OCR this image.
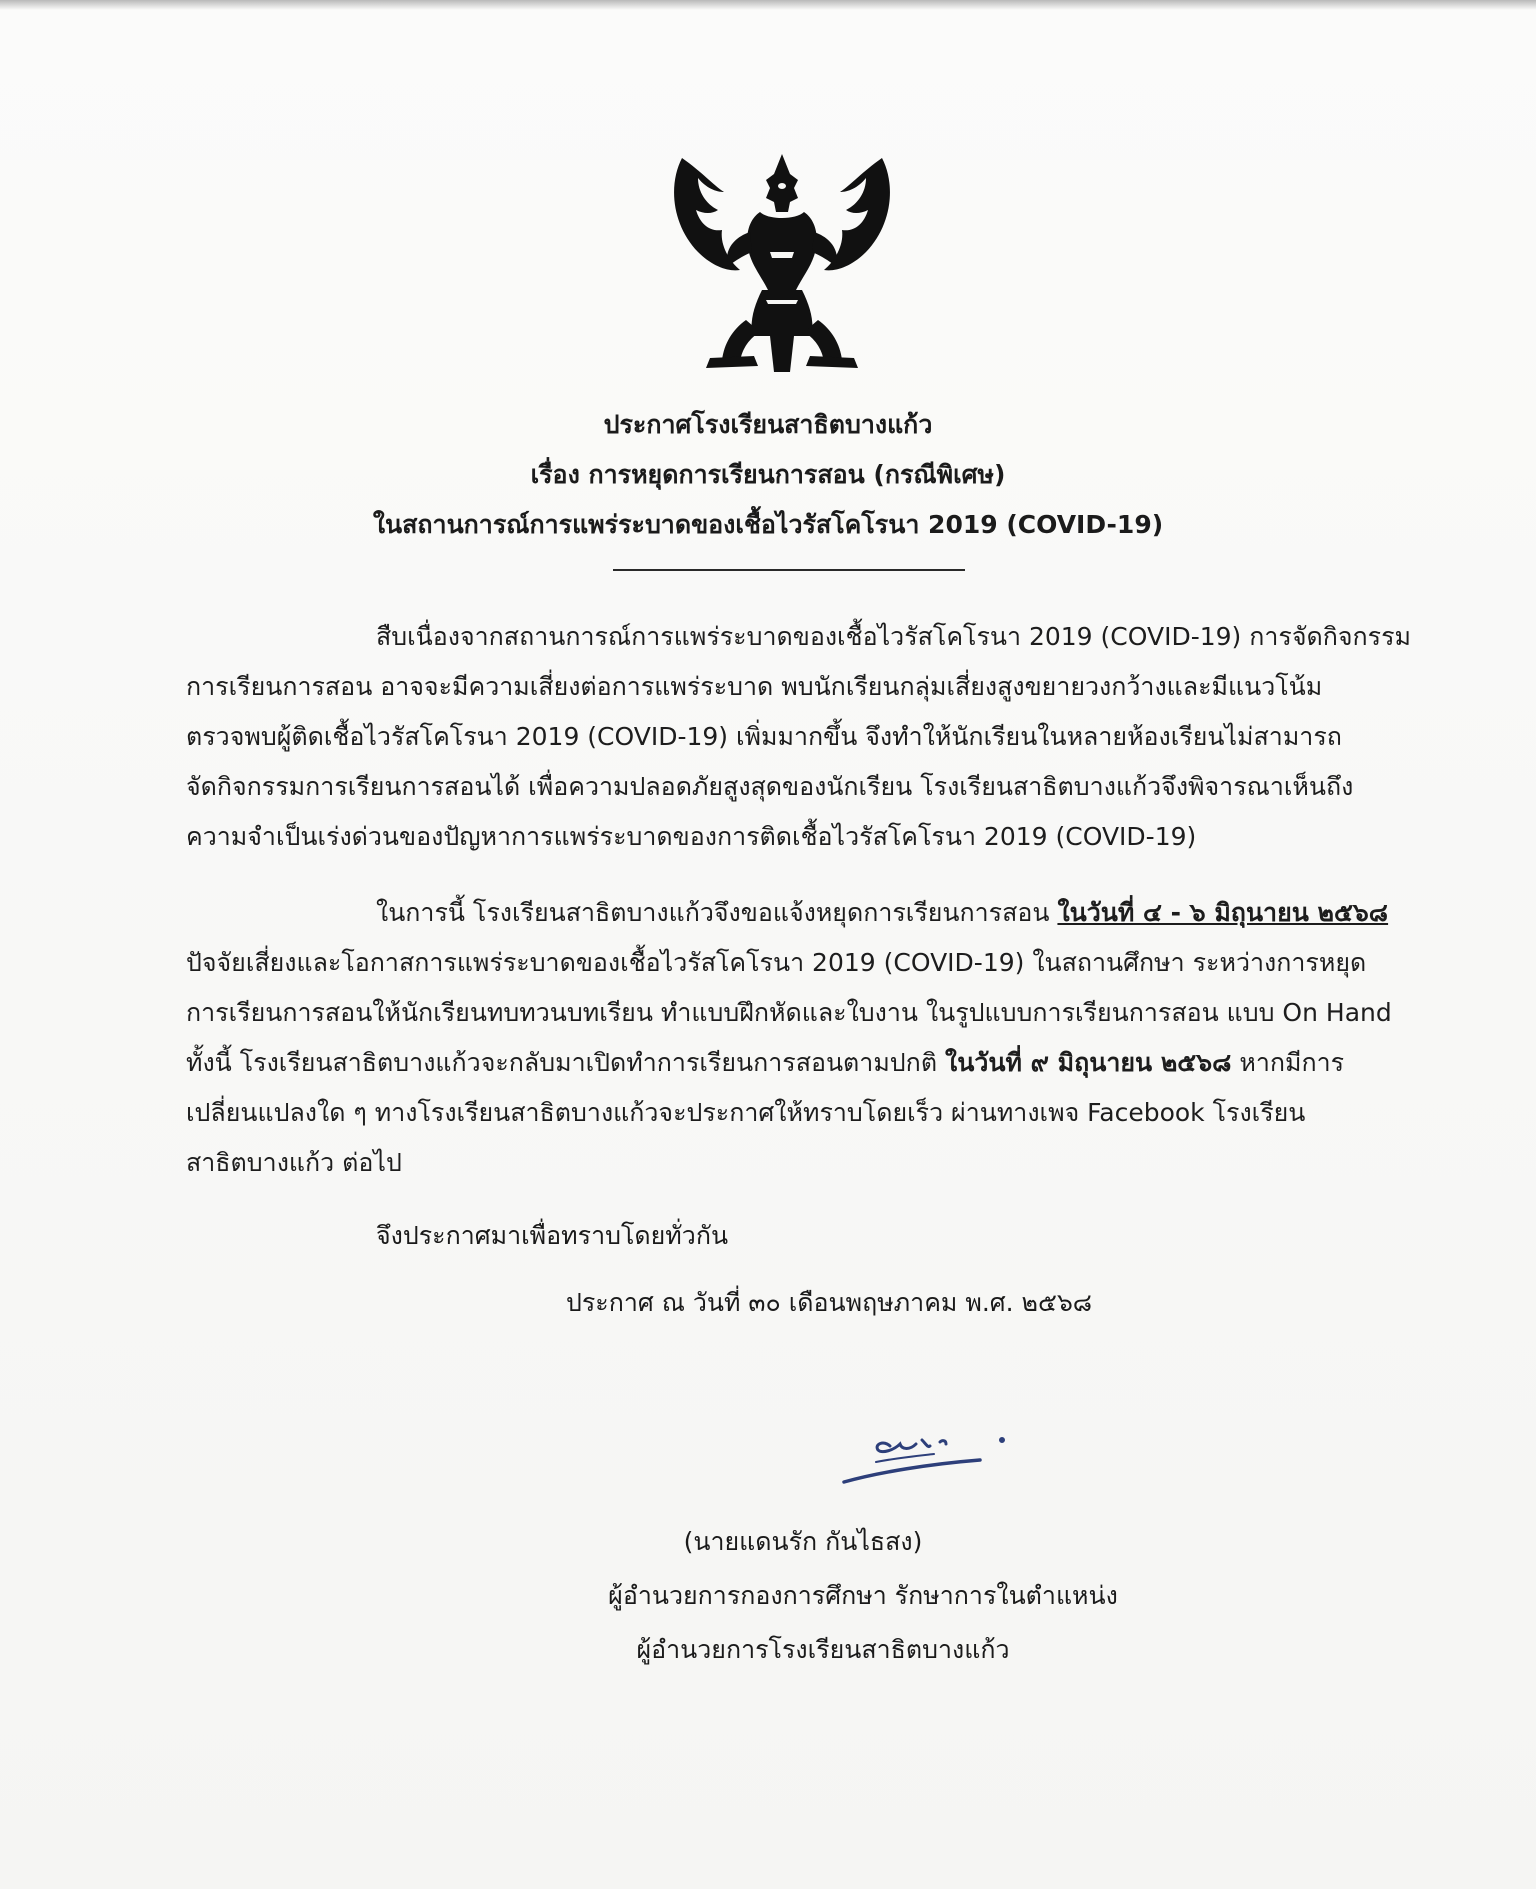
ประกาศโรงเรียนสาธิตบางแก้ว
เรื่อง การหยุดการเรียนการสอน (กรณีพิเศษ)
ในสถานการณ์การแพร่ระบาดของเชื้อไวรัสโคโรนา 2019 (COVID-19)
สืบเนื่องจากสถานการณ์การแพร่ระบาดของเชื้อไวรัสโคโรนา 2019 (COVID-19) การจัดกิจกรรม
การเรียนการสอน อาจจะมีความเสี่ยงต่อการแพร่ระบาด พบนักเรียนกลุ่มเสี่ยงสูงขยายวงกว้างและมีแนวโน้ม
ตรวจพบผู้ติดเชื้อไวรัสโคโรนา 2019 (COVID-19) เพิ่มมากขึ้น จึงทำให้นักเรียนในหลายห้องเรียนไม่สามารถ
จัดกิจกรรมการเรียนการสอนได้ เพื่อความปลอดภัยสูงสุดของนักเรียน โรงเรียนสาธิตบางแก้วจึงพิจารณาเห็นถึง
ความจำเป็นเร่งด่วนของปัญหาการแพร่ระบาดของการติดเชื้อไวรัสโคโรนา 2019 (COVID-19)
ในการนี้ โรงเรียนสาธิตบางแก้วจึงขอแจ้งหยุดการเรียนการสอน ในวันที่ ๔ - ๖ มิถุนายน ๒๕๖๘
ปัจจัยเสี่ยงและโอกาสการแพร่ระบาดของเชื้อไวรัสโคโรนา 2019 (COVID-19) ในสถานศึกษา ระหว่างการหยุด
การเรียนการสอนให้นักเรียนทบทวนบทเรียน ทำแบบฝึกหัดและใบงาน ในรูปแบบการเรียนการสอน แบบ On Hand
ทั้งนี้ โรงเรียนสาธิตบางแก้วจะกลับมาเปิดทำการเรียนการสอนตามปกติ ในวันที่ ๙ มิถุนายน ๒๕๖๘ หากมีการ
เปลี่ยนแปลงใด ๆ ทางโรงเรียนสาธิตบางแก้วจะประกาศให้ทราบโดยเร็ว ผ่านทางเพจ Facebook โรงเรียน
สาธิตบางแก้ว ต่อไป
จึงประกาศมาเพื่อทราบโดยทั่วกัน
ประกาศ ณ วันที่ ๓๐ เดือนพฤษภาคม พ.ศ. ๒๕๖๘
(นายแดนรัก กันไธสง)
ผู้อำนวยการกองการศึกษา รักษาการในตำแหน่ง
ผู้อำนวยการโรงเรียนสาธิตบางแก้ว
